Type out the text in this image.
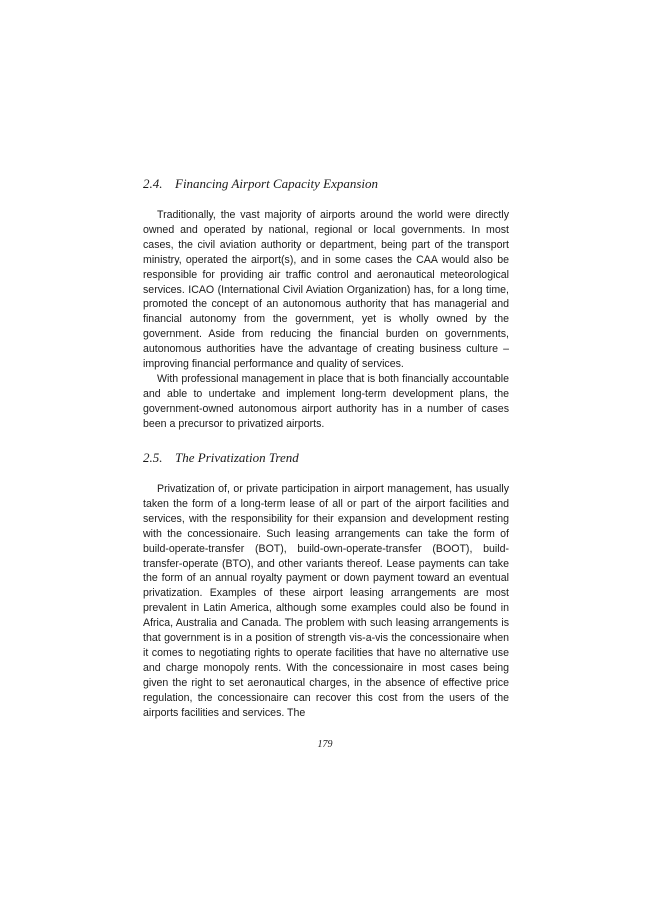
2.4. Financing Airport Capacity Expansion

Traditionally, the vast majority of airports around the world were directly owned and operated by national, regional or local governments. In most cases, the civil aviation authority or department, being part of the transport ministry, operated the airport(s), and in some cases the CAA would also be responsible for providing air traffic control and aeronautical meteorological services. ICAO (International Civil Aviation Organization) has, for a long time, promoted the concept of an autonomous authority that has managerial and financial autonomy from the government, yet is wholly owned by the government. Aside from reducing the financial burden on governments, autonomous authorities have the advantage of creating business culture – improving financial performance and quality of services.

With professional management in place that is both financially accountable and able to undertake and implement long-term development plans, the government-owned autonomous airport authority has in a number of cases been a precursor to privatized airports.

2.5. The Privatization Trend

Privatization of, or private participation in airport management, has usually taken the form of a long-term lease of all or part of the airport facilities and services, with the responsibility for their expansion and development resting with the concessionaire. Such leasing arrangements can take the form of build-operate-transfer (BOT), build-own-operate-transfer (BOOT), build-transfer-operate (BTO), and other variants thereof. Lease payments can take the form of an annual royalty payment or down payment toward an eventual privatization. Examples of these airport leasing arrangements are most prevalent in Latin America, although some examples could also be found in Africa, Australia and Canada. The problem with such leasing arrangements is that government is in a position of strength vis-a-vis the concessionaire when it comes to negotiating rights to operate facilities that have no alternative use and charge monopoly rents. With the concessionaire in most cases being given the right to set aeronautical charges, in the absence of effective price regulation, the concessionaire can recover this cost from the users of the airports facilities and services. The

179
